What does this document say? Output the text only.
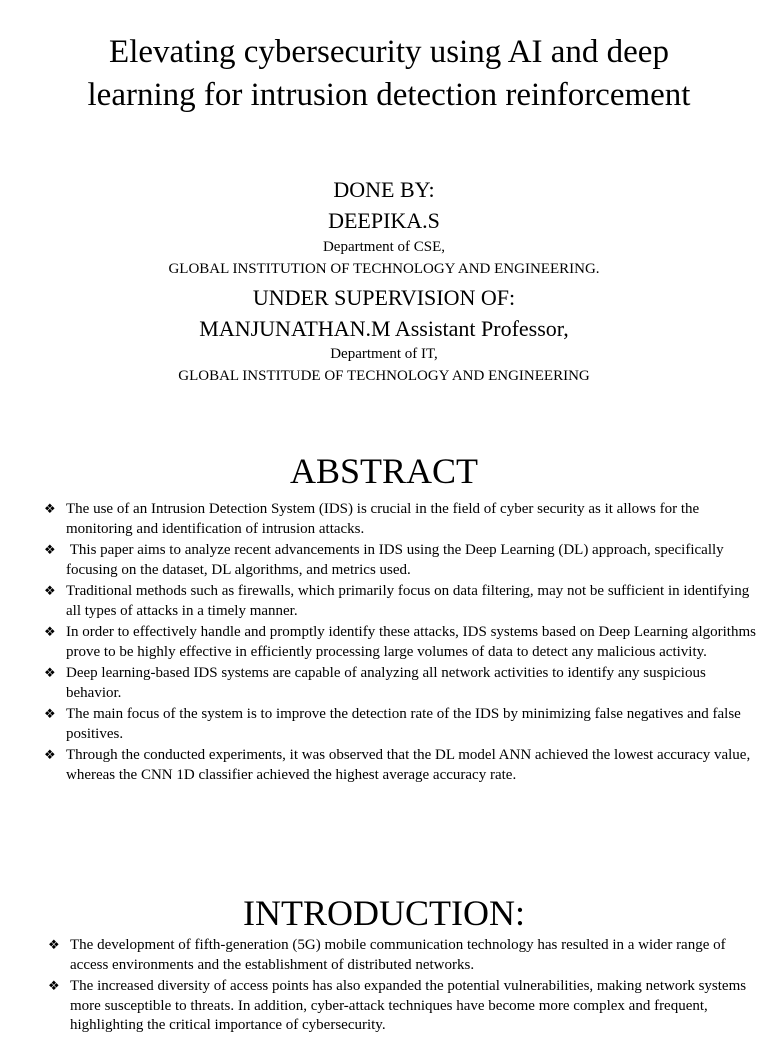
Elevating cybersecurity using AI and deep learning for intrusion detection reinforcement
DONE BY:
DEEPIKA.S
Department of CSE,
GLOBAL INSTITUTION OF TECHNOLOGY AND ENGINEERING.
UNDER SUPERVISION OF:
MANJUNATHAN.M Assistant Professor,
Department of IT,
GLOBAL INSTITUDE OF TECHNOLOGY AND ENGINEERING
ABSTRACT
❖ The use of an Intrusion Detection System (IDS) is crucial in the field of cyber security as it allows for the monitoring and identification of intrusion attacks.
❖ This paper aims to analyze recent advancements in IDS using the Deep Learning (DL) approach, specifically focusing on the dataset, DL algorithms, and metrics used.
❖ Traditional methods such as firewalls, which primarily focus on data filtering, may not be sufficient in identifying all types of attacks in a timely manner.
❖ In order to effectively handle and promptly identify these attacks, IDS systems based on Deep Learning algorithms prove to be highly effective in efficiently processing large volumes of data to detect any malicious activity.
❖ Deep learning-based IDS systems are capable of analyzing all network activities to identify any suspicious behavior.
❖ The main focus of the system is to improve the detection rate of the IDS by minimizing false negatives and false positives.
❖ Through the conducted experiments, it was observed that the DL model ANN achieved the lowest accuracy value, whereas the CNN 1D classifier achieved the highest average accuracy rate.
INTRODUCTION:
❖ The development of fifth-generation (5G) mobile communication technology has resulted in a wider range of access environments and the establishment of distributed networks.
❖ The increased diversity of access points has also expanded the potential vulnerabilities, making network systems more susceptible to threats. In addition, cyber-attack techniques have become more complex and frequent, highlighting the critical importance of cybersecurity.
